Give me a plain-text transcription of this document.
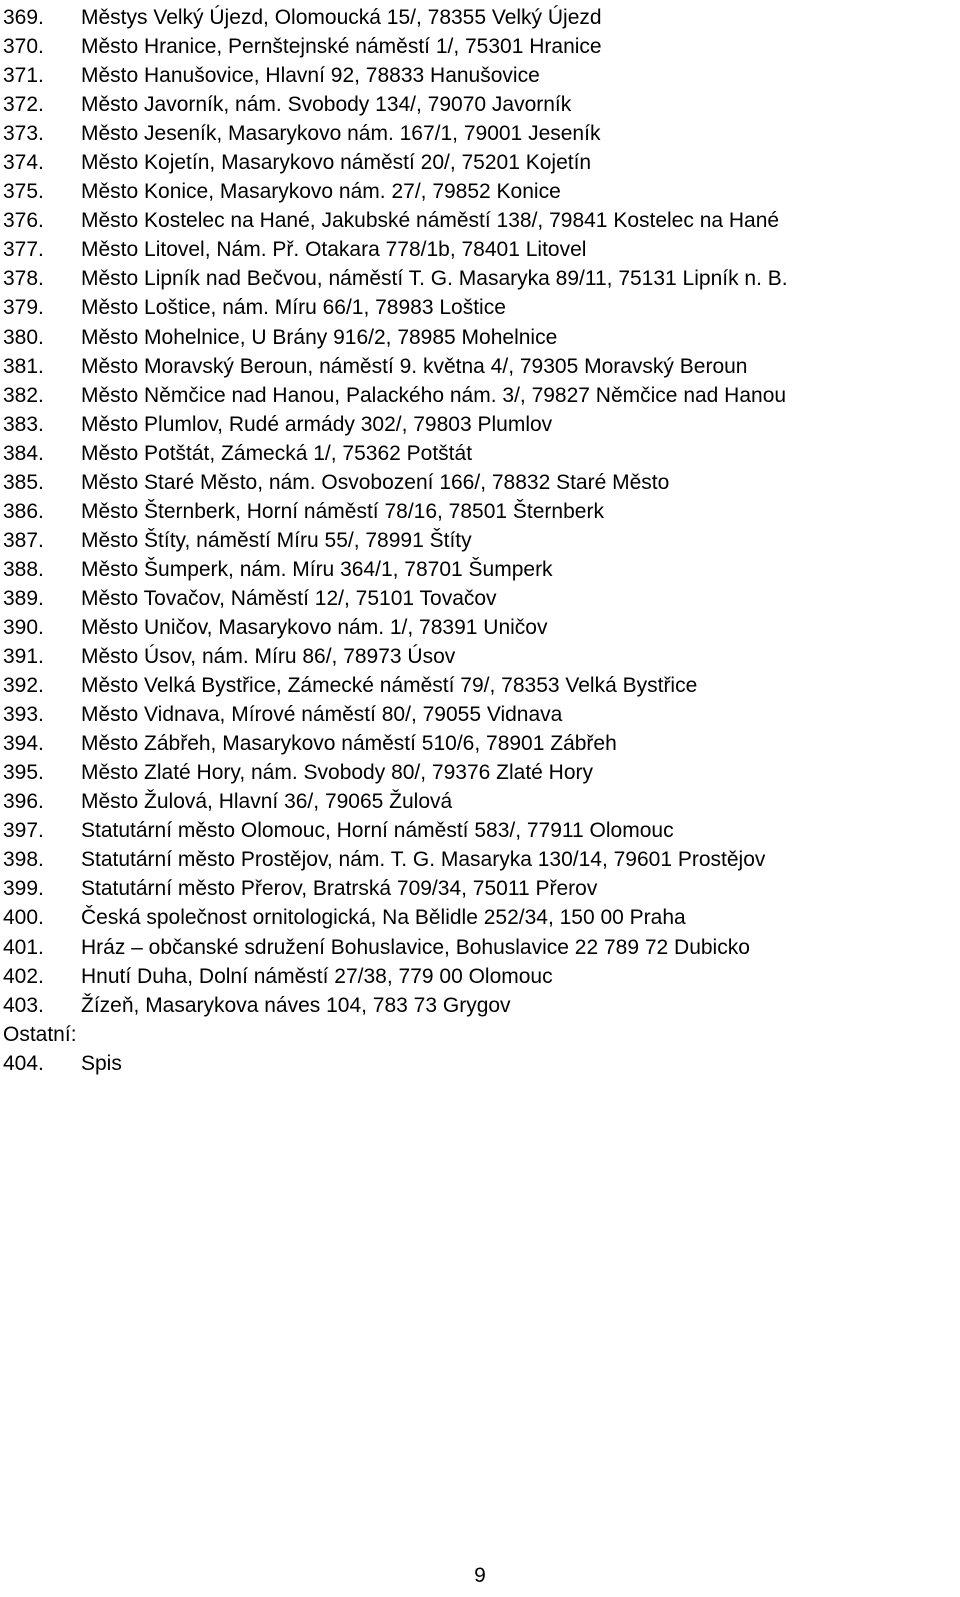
369.	Městys Velký Újezd, Olomoucká 15/, 78355 Velký Újezd
370.	Město Hranice, Pernštejnské náměstí 1/, 75301 Hranice
371.	Město Hanušovice, Hlavní 92, 78833 Hanušovice
372.	Město Javorník, nám. Svobody 134/, 79070 Javorník
373.	Město Jeseník, Masarykovo nám. 167/1, 79001 Jeseník
374.	Město Kojetín, Masarykovo náměstí 20/, 75201 Kojetín
375.	Město Konice, Masarykovo nám. 27/, 79852 Konice
376.	Město Kostelec na Hané, Jakubské náměstí 138/, 79841 Kostelec na Hané
377.	Město Litovel, Nám. Př. Otakara 778/1b, 78401 Litovel
378.	Město Lipník nad Bečvou, náměstí T. G. Masaryka 89/11, 75131 Lipník n. B.
379.	Město Loštice, nám. Míru 66/1, 78983 Loštice
380.	Město Mohelnice, U Brány 916/2, 78985 Mohelnice
381.	Město Moravský Beroun, náměstí 9. května 4/, 79305 Moravský Beroun
382.	Město Němčice nad Hanou, Palackého nám. 3/, 79827 Němčice nad Hanou
383.	Město Plumlov, Rudé armády 302/, 79803 Plumlov
384.	Město Potštát, Zámecká 1/, 75362 Potštát
385.	Město Staré Město, nám. Osvobození 166/, 78832 Staré Město
386.	Město Šternberk, Horní náměstí 78/16, 78501 Šternberk
387.	Město Štíty, náměstí Míru 55/, 78991 Štíty
388.	Město Šumperk, nám. Míru 364/1, 78701 Šumperk
389.	Město Tovačov, Náměstí 12/, 75101 Tovačov
390.	Město Uničov, Masarykovo nám. 1/, 78391 Uničov
391.	Město Úsov, nám. Míru 86/, 78973 Úsov
392.	Město Velká Bystřice, Zámecké náměstí 79/, 78353 Velká Bystřice
393.	Město Vidnava, Mírové náměstí 80/, 79055 Vidnava
394.	Město Zábřeh, Masarykovo náměstí 510/6, 78901 Zábřeh
395.	Město Zlaté Hory, nám. Svobody 80/, 79376 Zlaté Hory
396.	Město Žulová, Hlavní 36/, 79065 Žulová
397.	Statutární město Olomouc, Horní náměstí 583/, 77911 Olomouc
398.	Statutární město Prostějov, nám. T. G. Masaryka 130/14, 79601 Prostějov
399.	Statutární město Přerov, Bratrská 709/34, 75011 Přerov
400.	Česká společnost ornitologická, Na Bělidle 252/34, 150 00 Praha
401.	Hráz – občanské sdružení Bohuslavice, Bohuslavice 22 789 72 Dubicko
402.	Hnutí Duha, Dolní náměstí 27/38, 779 00 Olomouc
403.	Žízeň, Masarykova náves 104, 783 73 Grygov
Ostatní:
404.	Spis
9
